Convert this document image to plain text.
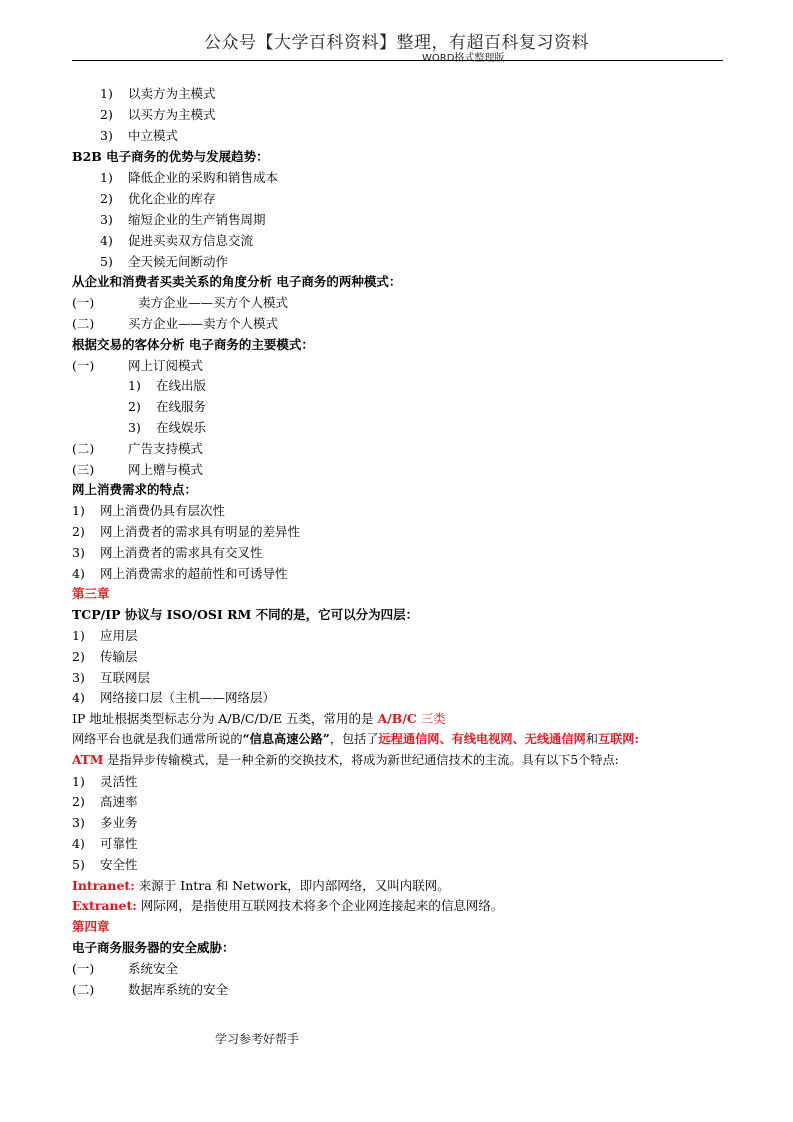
公众号【大学百科资料】整理，有超百科复习资料
WORD格式整理版
1) 以卖方为主模式
2) 以买方为主模式
3) 中立模式
B2B 电子商务的优势与发展趋势：
1) 降低企业的采购和销售成本
2) 优化企业的库存
3) 缩短企业的生产销售周期
4) 促进买卖双方信息交流
5) 全天候无间断动作
从企业和消费者买卖关系的角度分析 电子商务的两种模式：
(一)	卖方企业——买方个人模式
(二)	买方企业——卖方个人模式
根据交易的客体分析 电子商务的主要模式：
(一)	网上订阅模式
1) 在线出版
2) 在线服务
3) 在线娱乐
(二)	广告支持模式
(三)	网上赠与模式
网上消费需求的特点：
1) 网上消费仍具有层次性
2) 网上消费者的需求具有明显的差异性
3) 网上消费者的需求具有交叉性
4) 网上消费需求的超前性和可诱导性
第三章
TCP/IP 协议与 ISO/OSI RM 不同的是，它可以分为四层：
1) 应用层
2) 传输层
3) 互联网层
4) 网络接口层（主机——网络层）
IP 地址根据类型标志分为 A/B/C/D/E 五类，常用的是 A/B/C 三类
网络平台也就是我们通常所说的“信息高速公路”，包括了远程通信网、有线电视网、无线通信网和互联网:
ATM 是指异步传输模式，是一种全新的交换技术，将成为新世纪通信技术的主流。具有以下5个特点:
1) 灵活性
2) 高速率
3) 多业务
4) 可靠性
5) 安全性
Intranet: 来源于 Intra 和 Network，即内部网络，又叫内联网。
Extranet: 网际网，是指使用互联网技术将多个企业网连接起来的信息网络。
第四章
电子商务服务器的安全威胁：
(一)	系统安全
(二)	数据库系统的安全
学习参考好帮手
